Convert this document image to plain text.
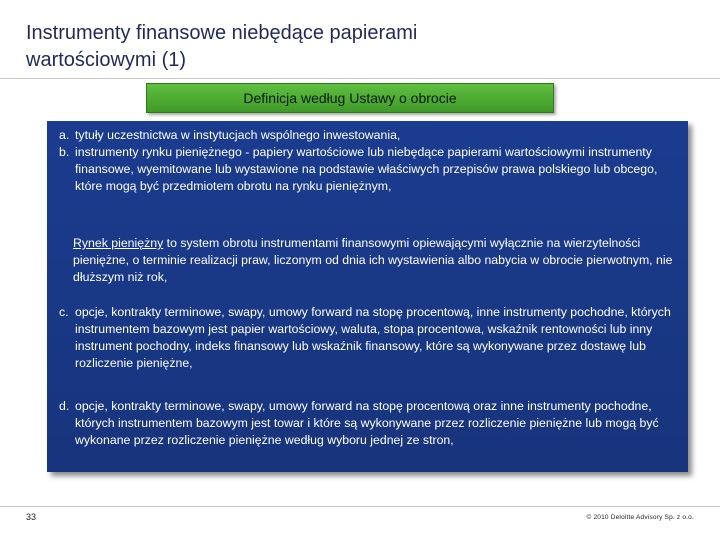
Instrumenty finansowe niebędące papierami
wartościowymi (1)
Definicja według Ustawy o obrocie
a. tytuły uczestnictwa w instytucjach wspólnego inwestowania,
b. instrumenty rynku pieniężnego - papiery wartościowe lub niebędące papierami wartościowymi instrumenty finansowe, wyemitowane lub wystawione na podstawie właściwych przepisów prawa polskiego lub obcego, które mogą być przedmiotem obrotu na rynku pieniężnym,
Rynek pieniężny to system obrotu instrumentami finansowymi opiewającymi wyłącznie na wierzytelności pieniężne, o terminie realizacji praw, liczonym od dnia ich wystawienia albo nabycia w obrocie pierwotnym, nie dłuższym niż rok,
c. opcje, kontrakty terminowe, swapy, umowy forward na stopę procentową, inne instrumenty pochodne, których instrumentem bazowym jest papier wartościowy, waluta, stopa procentowa, wskaźnik rentowności lub inny instrument pochodny, indeks finansowy lub wskaźnik finansowy, które są wykonywane przez dostawę lub rozliczenie pieniężne,
d. opcje, kontrakty terminowe, swapy, umowy forward na stopę procentową oraz inne instrumenty pochodne, których instrumentem bazowym jest towar i które są wykonywane przez rozliczenie pieniężne lub mogą być wykonane przez rozliczenie pieniężne według wyboru jednej ze stron,
33	© 2010 Deloitte Advisory Sp. z o.o.
